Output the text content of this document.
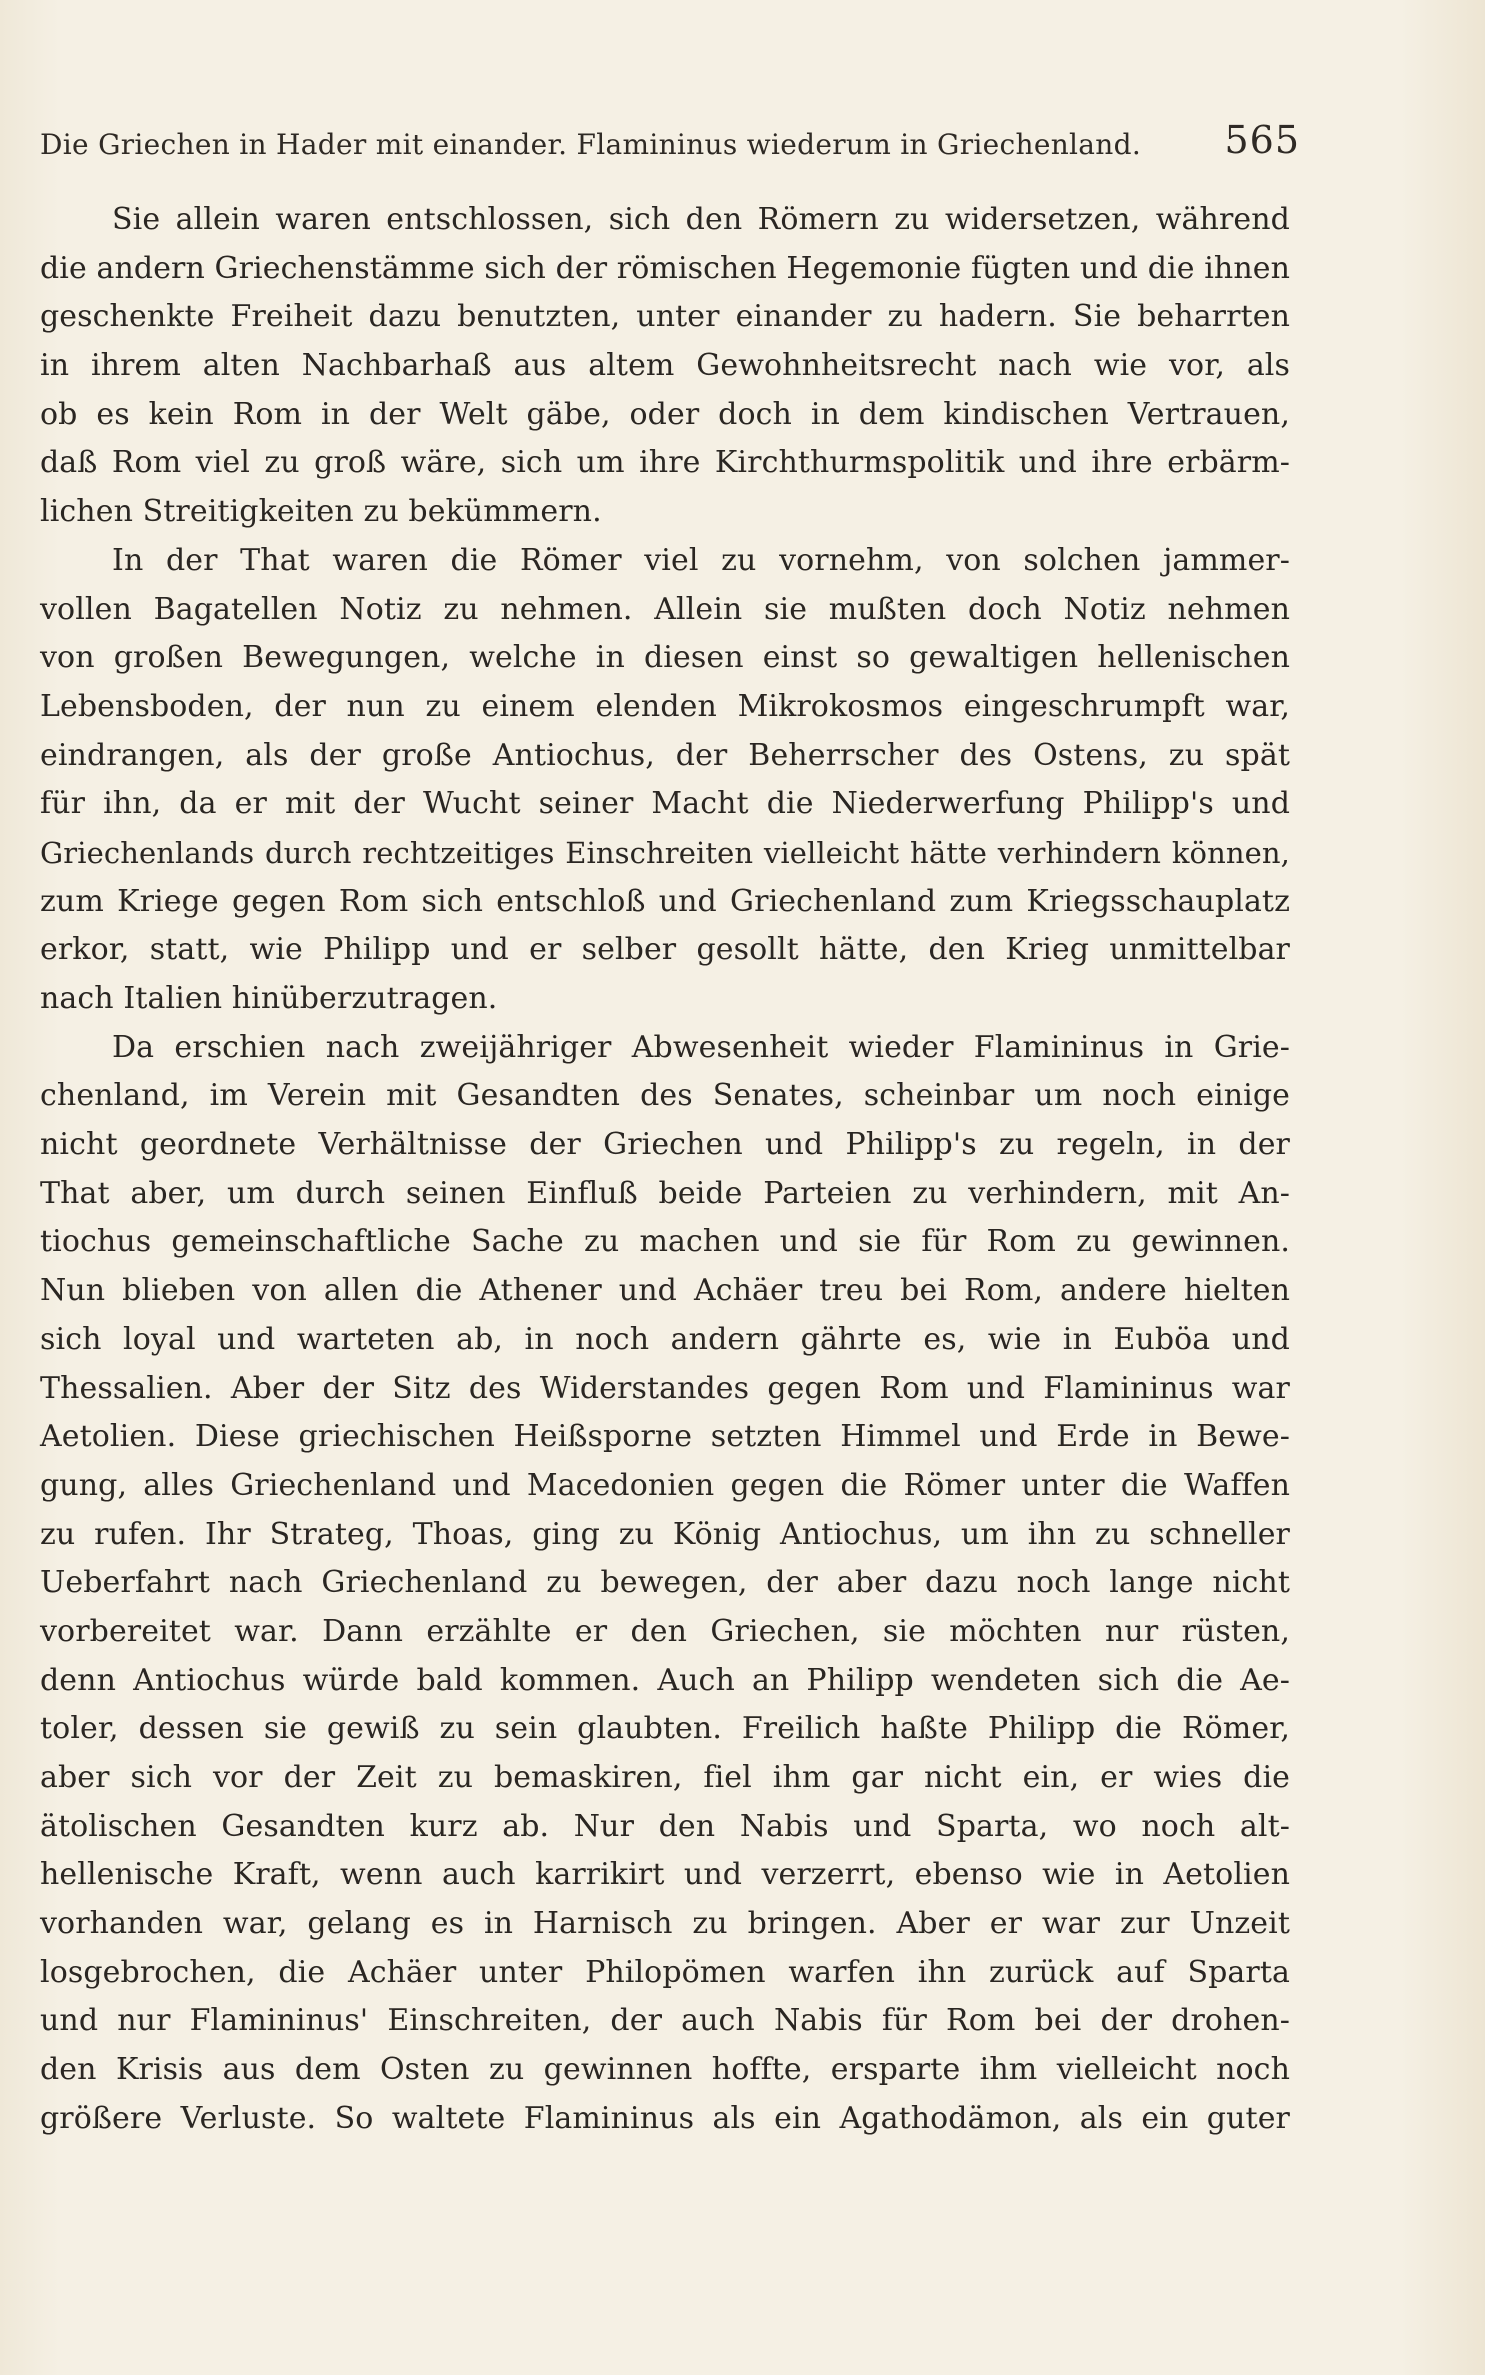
Die Griechen in Hader mit einander. Flamininus wiederum in Griechenland. 565
Sie allein waren entschlossen, sich den Römern zu widersetzen, während
die andern Griechenstämme sich der römischen Hegemonie fügten und die ihnen
geschenkte Freiheit dazu benutzten, unter einander zu hadern. Sie beharrten
in ihrem alten Nachbarhaß aus altem Gewohnheitsrecht nach wie vor, als
ob es kein Rom in der Welt gäbe, oder doch in dem kindischen Vertrauen,
daß Rom viel zu groß wäre, sich um ihre Kirchthurmspolitik und ihre erbärm-
lichen Streitigkeiten zu bekümmern.
In der That waren die Römer viel zu vornehm, von solchen jammer-
vollen Bagatellen Notiz zu nehmen. Allein sie mußten doch Notiz nehmen
von großen Bewegungen, welche in diesen einst so gewaltigen hellenischen
Lebensboden, der nun zu einem elenden Mikrokosmos eingeschrumpft war,
eindrangen, als der große Antiochus, der Beherrscher des Ostens, zu spät
für ihn, da er mit der Wucht seiner Macht die Niederwerfung Philipp's und
Griechenlands durch rechtzeitiges Einschreiten vielleicht hätte verhindern können,
zum Kriege gegen Rom sich entschloß und Griechenland zum Kriegsschauplatz
erkor, statt, wie Philipp und er selber gesollt hätte, den Krieg unmittelbar
nach Italien hinüberzutragen.
Da erschien nach zweijähriger Abwesenheit wieder Flamininus in Grie-
chenland, im Verein mit Gesandten des Senates, scheinbar um noch einige
nicht geordnete Verhältnisse der Griechen und Philipp's zu regeln, in der
That aber, um durch seinen Einfluß beide Parteien zu verhindern, mit An-
tiochus gemeinschaftliche Sache zu machen und sie für Rom zu gewinnen.
Nun blieben von allen die Athener und Achäer treu bei Rom, andere hielten
sich loyal und warteten ab, in noch andern gährte es, wie in Euböa und
Thessalien. Aber der Sitz des Widerstandes gegen Rom und Flamininus war
Aetolien. Diese griechischen Heißsporne setzten Himmel und Erde in Bewe-
gung, alles Griechenland und Macedonien gegen die Römer unter die Waffen
zu rufen. Ihr Strateg, Thoas, ging zu König Antiochus, um ihn zu schneller
Ueberfahrt nach Griechenland zu bewegen, der aber dazu noch lange nicht
vorbereitet war. Dann erzählte er den Griechen, sie möchten nur rüsten,
denn Antiochus würde bald kommen. Auch an Philipp wendeten sich die Ae-
toler, dessen sie gewiß zu sein glaubten. Freilich haßte Philipp die Römer,
aber sich vor der Zeit zu bemaskiren, fiel ihm gar nicht ein, er wies die
ätolischen Gesandten kurz ab. Nur den Nabis und Sparta, wo noch alt-
hellenische Kraft, wenn auch karrikirt und verzerrt, ebenso wie in Aetolien
vorhanden war, gelang es in Harnisch zu bringen. Aber er war zur Unzeit
losgebrochen, die Achäer unter Philopömen warfen ihn zurück auf Sparta
und nur Flamininus' Einschreiten, der auch Nabis für Rom bei der drohen-
den Krisis aus dem Osten zu gewinnen hoffte, ersparte ihm vielleicht noch
größere Verluste. So waltete Flamininus als ein Agathodämon, als ein guter
